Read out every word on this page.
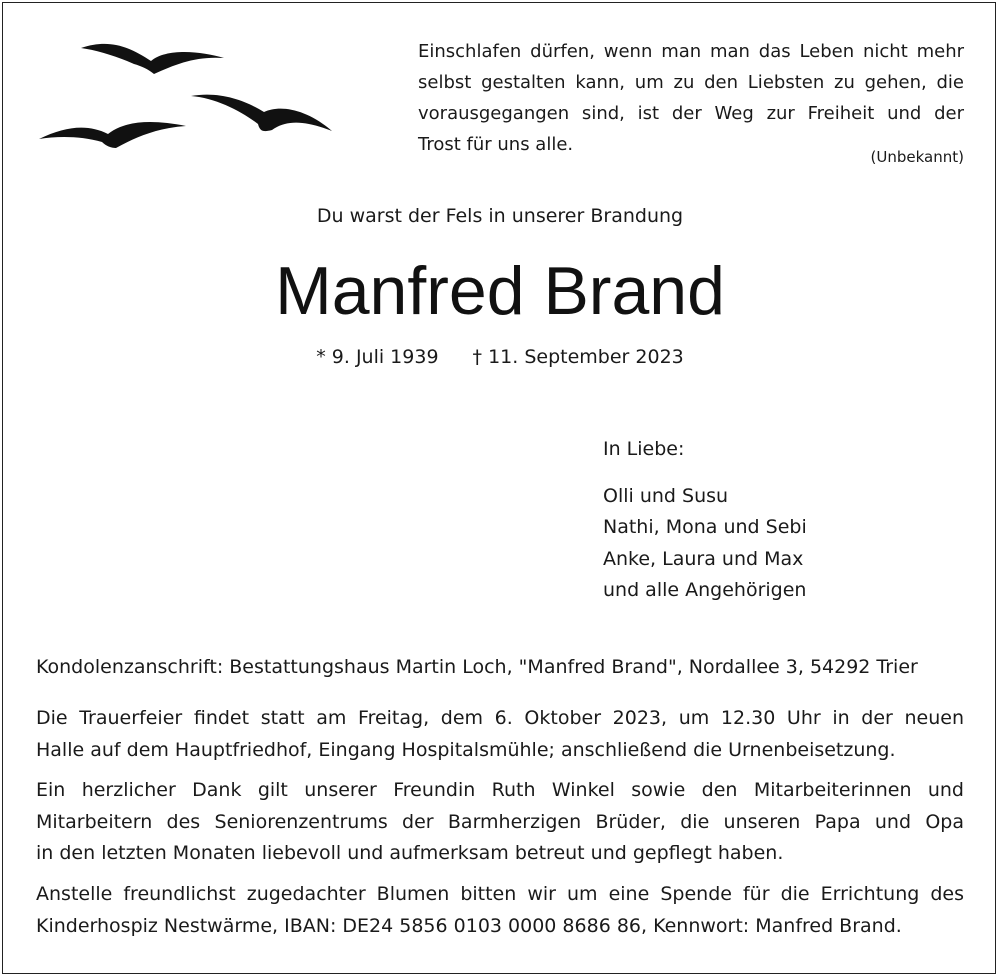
Einschlafen dürfen, wenn man man das Leben nicht mehr
selbst gestalten kann, um zu den Liebsten zu gehen, die
vorausgegangen sind, ist der Weg zur Freiheit und der
Trost für uns alle.
(Unbekannt)
Du warst der Fels in unserer Brandung
Manfred Brand
* 9. Juli 1939 † 11. September 2023
In Liebe:
Olli und Susu
Nathi, Mona und Sebi
Anke, Laura und Max
und alle Angehörigen
Kondolenzanschrift: Bestattungshaus Martin Loch, "Manfred Brand", Nordallee 3, 54292 Trier
Die Trauerfeier findet statt am Freitag, dem 6. Oktober 2023, um 12.30 Uhr in der neuen
Halle auf dem Hauptfriedhof, Eingang Hospitalsmühle; anschließend die Urnenbeisetzung.
Ein herzlicher Dank gilt unserer Freundin Ruth Winkel sowie den Mitarbeiterinnen und
Mitarbeitern des Seniorenzentrums der Barmherzigen Brüder, die unseren Papa und Opa
in den letzten Monaten liebevoll und aufmerksam betreut und gepflegt haben.
Anstelle freundlichst zugedachter Blumen bitten wir um eine Spende für die Errichtung des
Kinderhospiz Nestwärme, IBAN: DE24 5856 0103 0000 8686 86, Kennwort: Manfred Brand.
